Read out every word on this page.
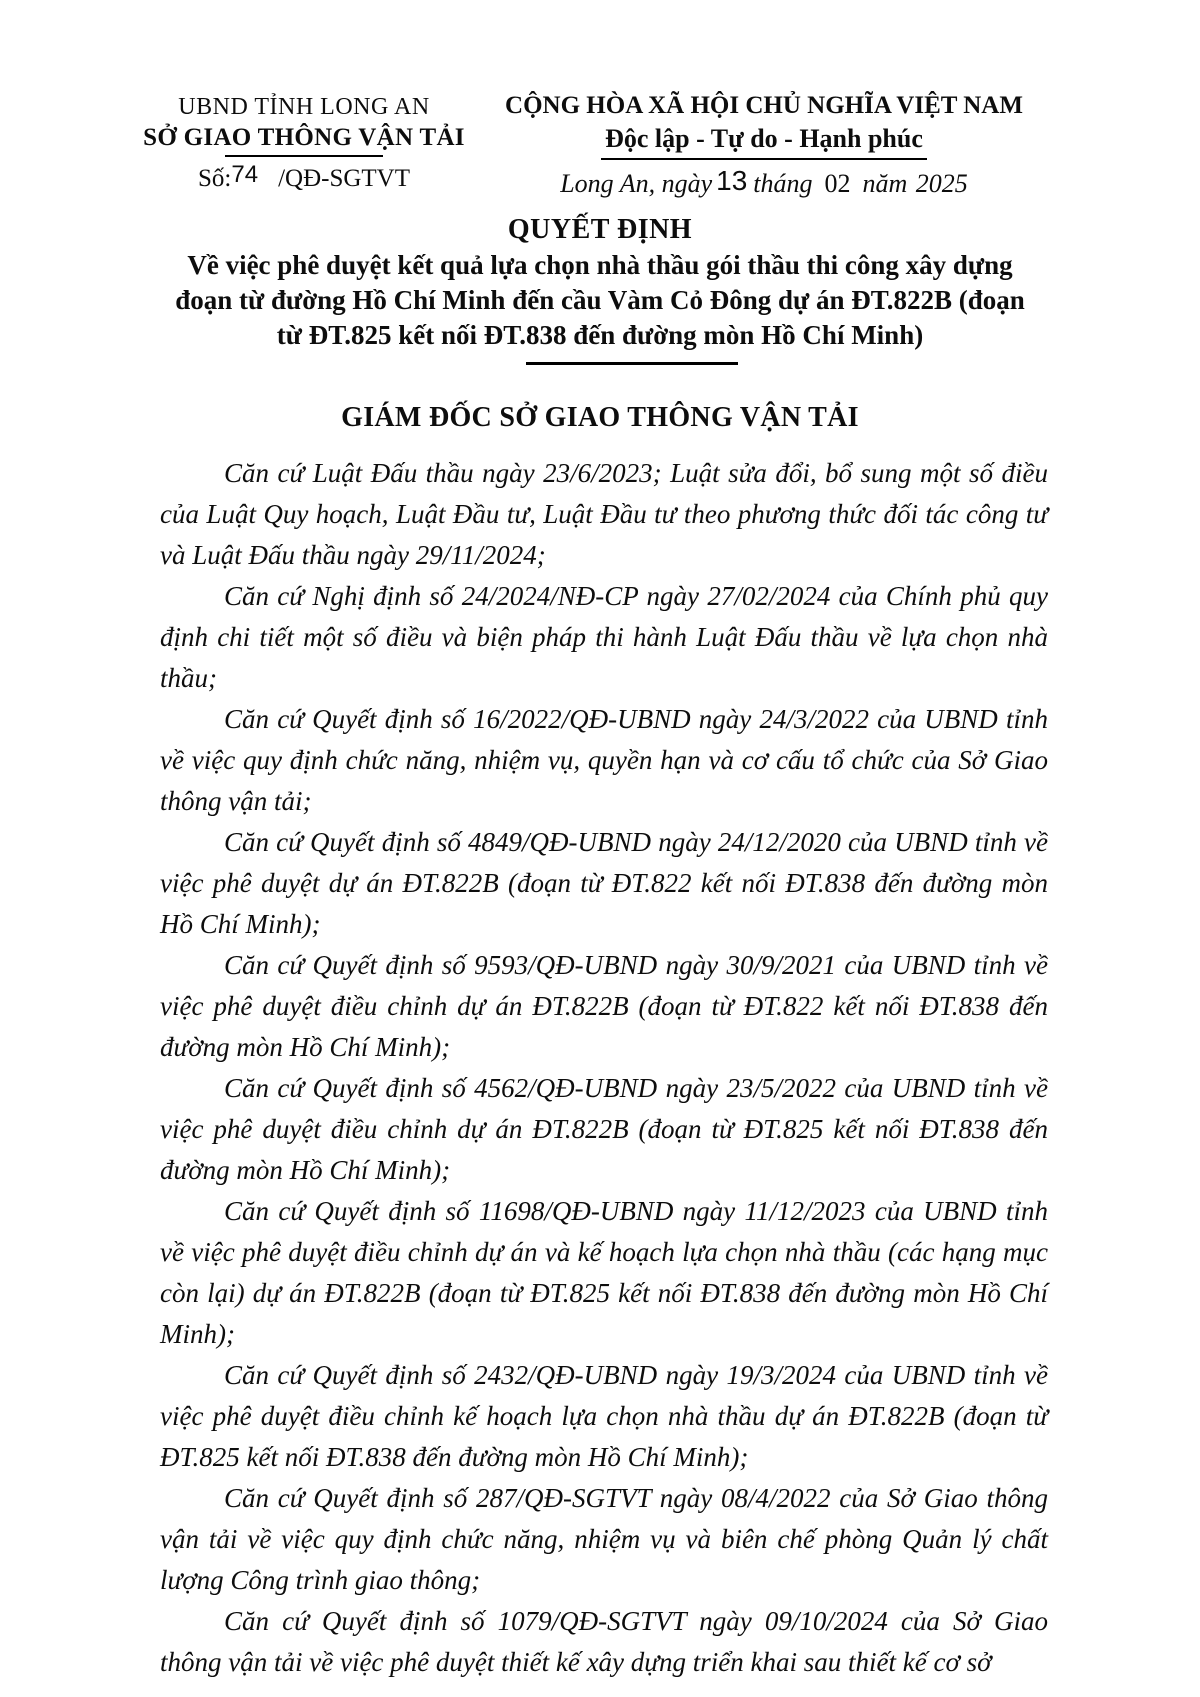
UBND TỈNH LONG AN
SỞ GIAO THÔNG VẬN TẢI
Số:74 /QĐ-SGTVT
CỘNG HÒA XÃ HỘI CHỦ NGHĨA VIỆT NAM
Độc lập - Tự do - Hạnh phúc
Long An, ngày 13 tháng 02 năm 2025
QUYẾT ĐỊNH
Về việc phê duyệt kết quả lựa chọn nhà thầu gói thầu thi công xây dựng
đoạn từ đường Hồ Chí Minh đến cầu Vàm Cỏ Đông dự án ĐT.822B (đoạn
từ ĐT.825 kết nối ĐT.838 đến đường mòn Hồ Chí Minh)
GIÁM ĐỐC SỞ GIAO THÔNG VẬN TẢI

Căn cứ Luật Đấu thầu ngày 23/6/2023; Luật sửa đổi, bổ sung một số điều của Luật Quy hoạch, Luật Đầu tư, Luật Đầu tư theo phương thức đối tác công tư và Luật Đấu thầu ngày 29/11/2024;

Căn cứ Nghị định số 24/2024/NĐ-CP ngày 27/02/2024 của Chính phủ quy định chi tiết một số điều và biện pháp thi hành Luật Đấu thầu về lựa chọn nhà thầu;

Căn cứ Quyết định số 16/2022/QĐ-UBND ngày 24/3/2022 của UBND tỉnh về việc quy định chức năng, nhiệm vụ, quyền hạn và cơ cấu tổ chức của Sở Giao thông vận tải;

Căn cứ Quyết định số 4849/QĐ-UBND ngày 24/12/2020 của UBND tỉnh về việc phê duyệt dự án ĐT.822B (đoạn từ ĐT.822 kết nối ĐT.838 đến đường mòn Hồ Chí Minh);

Căn cứ Quyết định số 9593/QĐ-UBND ngày 30/9/2021 của UBND tỉnh về việc phê duyệt điều chỉnh dự án ĐT.822B (đoạn từ ĐT.822 kết nối ĐT.838 đến đường mòn Hồ Chí Minh);

Căn cứ Quyết định số 4562/QĐ-UBND ngày 23/5/2022 của UBND tỉnh về việc phê duyệt điều chỉnh dự án ĐT.822B (đoạn từ ĐT.825 kết nối ĐT.838 đến đường mòn Hồ Chí Minh);

Căn cứ Quyết định số 11698/QĐ-UBND ngày 11/12/2023 của UBND tỉnh về việc phê duyệt điều chỉnh dự án và kế hoạch lựa chọn nhà thầu (các hạng mục còn lại) dự án ĐT.822B (đoạn từ ĐT.825 kết nối ĐT.838 đến đường mòn Hồ Chí Minh);

Căn cứ Quyết định số 2432/QĐ-UBND ngày 19/3/2024 của UBND tỉnh về việc phê duyệt điều chỉnh kế hoạch lựa chọn nhà thầu dự án ĐT.822B (đoạn từ ĐT.825 kết nối ĐT.838 đến đường mòn Hồ Chí Minh);

Căn cứ Quyết định số 287/QĐ-SGTVT ngày 08/4/2022 của Sở Giao thông vận tải về việc quy định chức năng, nhiệm vụ và biên chế phòng Quản lý chất lượng Công trình giao thông;

Căn cứ Quyết định số 1079/QĐ-SGTVT ngày 09/10/2024 của Sở Giao thông vận tải về việc phê duyệt thiết kế xây dựng triển khai sau thiết kế cơ sở
